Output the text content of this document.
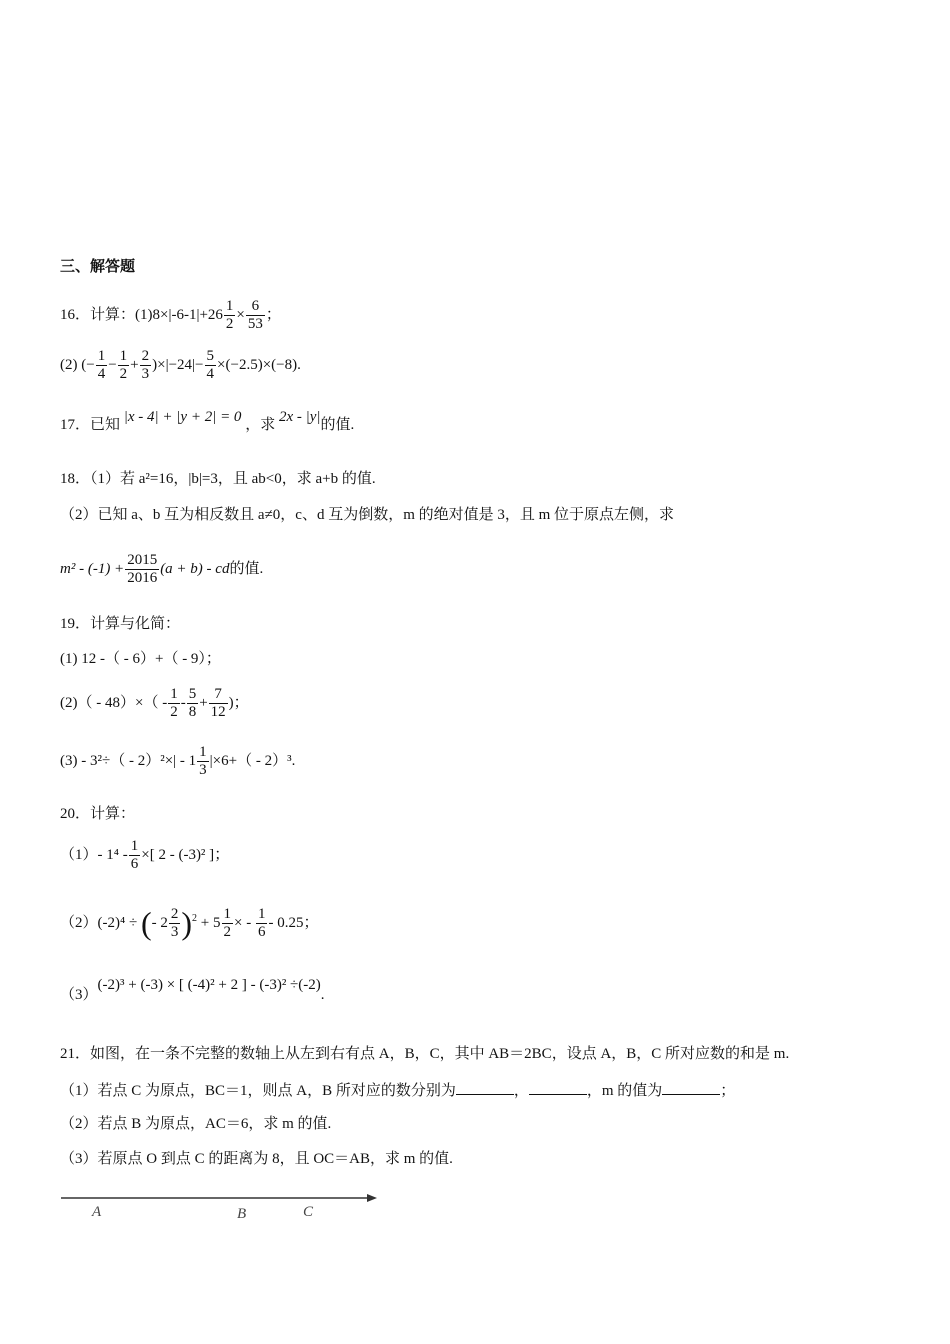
三、解答题
16．计算：$(1)8\times|-6-1|+26 \frac{1}{2} \times \frac{6}{53}$ ；
(2) (− $\frac{1}{4} - \frac{1}{2} + \frac{2}{3} )\times|-24|- \frac{5}{4} \times(-2.5)\times(-8)$.
17．已知 |x - 4| + |y + 2| = 0 ，求 2x - |y|的值.
18．（1）若 a²=16，|b|=3，且 ab<0，求 a+b 的值.
（2）已知 a、b 互为相反数且 a≠0，c、d 互为倒数，m 的绝对值是 3，且 m 位于原点左侧，求
$m^2 - (-1) + \frac{2015}{2016} (a + b)$ - cd的值.
19．计算与化简：
(1) 12 -（ - 6）+（ - 9）；
$(2)( - 48)\times( - \frac{1}{2} - \frac{5}{8} + \frac{7}{12}$ )；
$(3) - 3^2\div( - 2)^2\times| - 1 \frac{1}{3} |\times 6+( - 2)^3$.
20．计算：
（1）- $1^4 - \frac{1}{6}$ ×[ 2 - (-3)² ]；
（2）(-2)⁴ ÷ (- $2 \frac{2}{3} )^2 + 5 \frac{1}{2}$ × - $\frac{1}{6} - 0.25$；
（3）(-2)³ + (-3) × [ (-4)² + 2 ] - (-3)² ÷(-2).
21．如图，在一条不完整的数轴上从左到右有点 A，B，C，其中 AB＝2BC，设点 A，B，C 所对应数的和是 m.
（1）若点 C 为原点，BC＝1，则点 A，B 所对应的数分别为	，	，m 的值为	；
（2）若点 B 为原点，AC＝6，求 m 的值.
（3）若原点 O 到点 C 的距离为 8，且 OC＝AB，求 m 的值.
A	B	C
